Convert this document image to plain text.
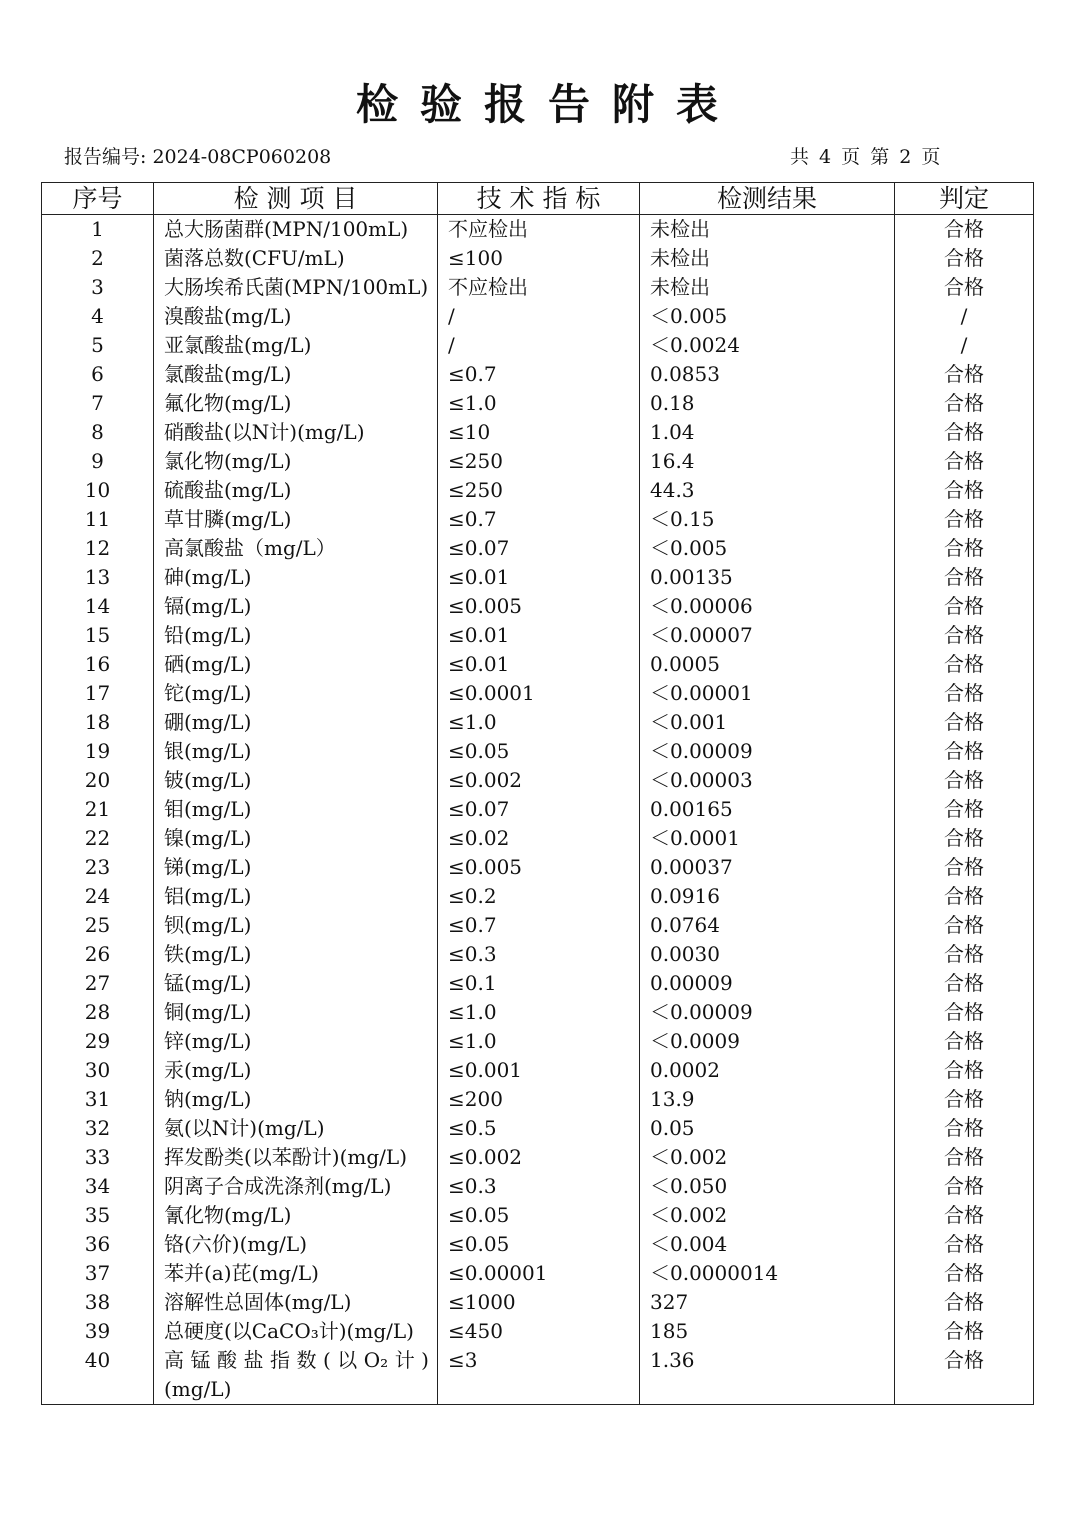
检验报告附表
报告编号: 2024-08CP060208	共 4 页 第 2 页
序号	检 测 项 目	技 术 指 标	检测结果	判定
1	总大肠菌群(MPN/100mL)	不应检出	未检出	合格
2	菌落总数(CFU/mL)	≤100	未检出	合格
3	大肠埃希氏菌(MPN/100mL)	不应检出	未检出	合格
4	溴酸盐(mg/L)	/	＜0.005	/
5	亚氯酸盐(mg/L)	/	＜0.0024	/
6	氯酸盐(mg/L)	≤0.7	0.0853	合格
7	氟化物(mg/L)	≤1.0	0.18	合格
8	硝酸盐(以N计)(mg/L)	≤10	1.04	合格
9	氯化物(mg/L)	≤250	16.4	合格
10	硫酸盐(mg/L)	≤250	44.3	合格
11	草甘膦(mg/L)	≤0.7	＜0.15	合格
12	高氯酸盐（mg/L）	≤0.07	＜0.005	合格
13	砷(mg/L)	≤0.01	0.00135	合格
14	镉(mg/L)	≤0.005	＜0.00006	合格
15	铅(mg/L)	≤0.01	＜0.00007	合格
16	硒(mg/L)	≤0.01	0.0005	合格
17	铊(mg/L)	≤0.0001	＜0.00001	合格
18	硼(mg/L)	≤1.0	＜0.001	合格
19	银(mg/L)	≤0.05	＜0.00009	合格
20	铍(mg/L)	≤0.002	＜0.00003	合格
21	钼(mg/L)	≤0.07	0.00165	合格
22	镍(mg/L)	≤0.02	＜0.0001	合格
23	锑(mg/L)	≤0.005	0.00037	合格
24	铝(mg/L)	≤0.2	0.0916	合格
25	钡(mg/L)	≤0.7	0.0764	合格
26	铁(mg/L)	≤0.3	0.0030	合格
27	锰(mg/L)	≤0.1	0.00009	合格
28	铜(mg/L)	≤1.0	＜0.00009	合格
29	锌(mg/L)	≤1.0	＜0.0009	合格
30	汞(mg/L)	≤0.001	0.0002	合格
31	钠(mg/L)	≤200	13.9	合格
32	氨(以N计)(mg/L)	≤0.5	0.05	合格
33	挥发酚类(以苯酚计)(mg/L)	≤0.002	＜0.002	合格
34	阴离子合成洗涤剂(mg/L)	≤0.3	＜0.050	合格
35	氰化物(mg/L)	≤0.05	＜0.002	合格
36	铬(六价)(mg/L)	≤0.05	＜0.004	合格
37	苯并(a)芘(mg/L)	≤0.00001	＜0.0000014	合格
38	溶解性总固体(mg/L)	≤1000	327	合格
39	总硬度(以CaCO₃计)(mg/L)	≤450	185	合格
40	高锰酸盐指数(以O₂计)(mg/L)	≤3	1.36	合格
